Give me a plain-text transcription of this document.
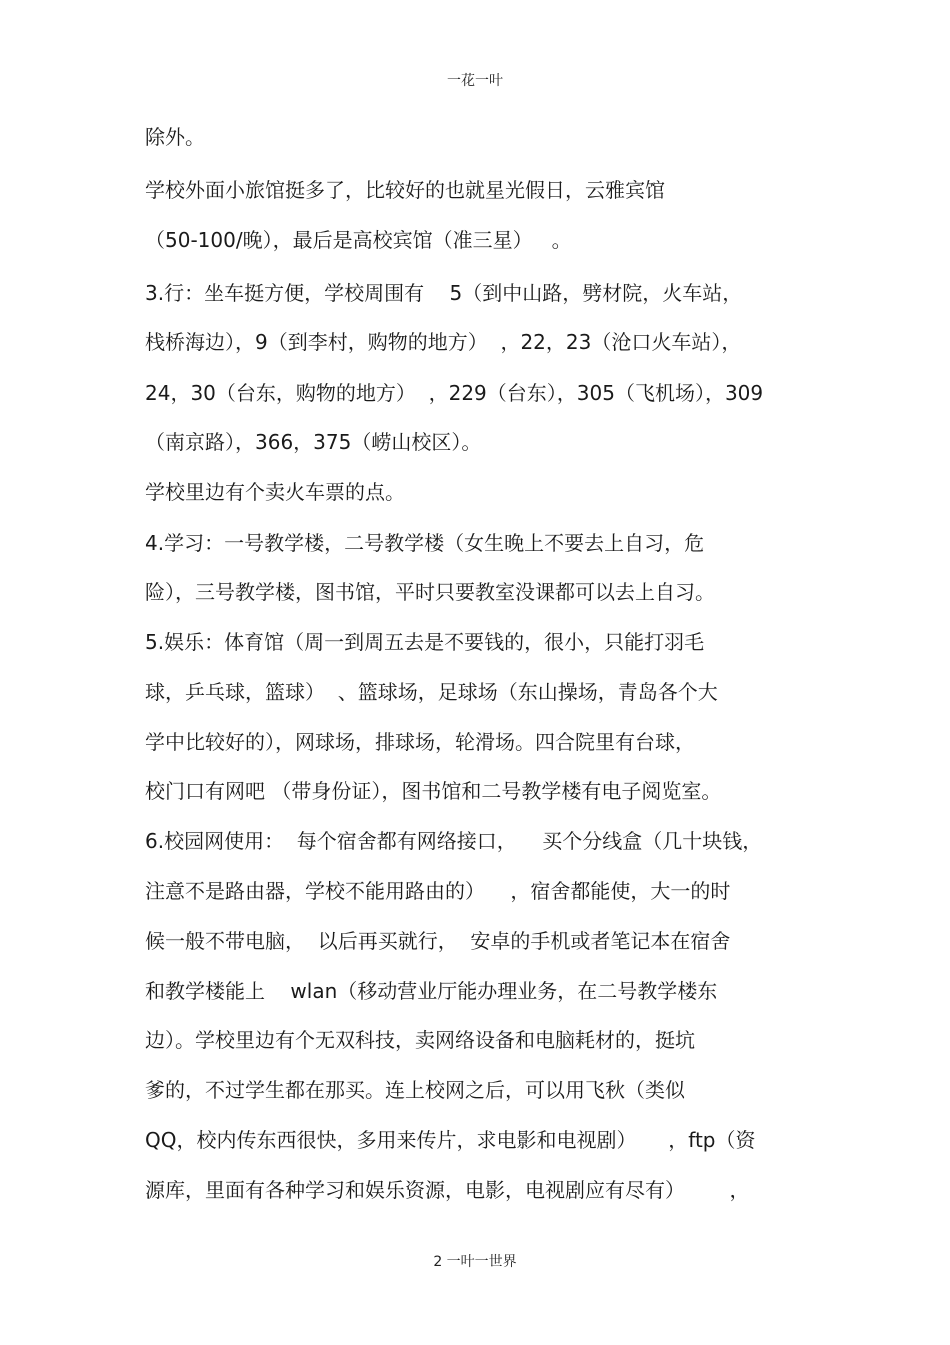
一花一叶
除外。
学校外面小旅馆挺多了，比较好的也就星光假日，云雅宾馆
（50-100/晚），最后是高校宾馆（准三星）   。
3.行：坐车挺方便，学校周围有    5（到中山路，劈材院，火车站，
栈桥海边），9（到李村，购物的地方）  ，22，23（沧口火车站），
24，30（台东，购物的地方）  ，229（台东），305（飞机场），309
（南京路），366，375（崂山校区）。
学校里边有个卖火车票的点。
4.学习：一号教学楼，二号教学楼（女生晚上不要去上自习，危
险），三号教学楼，图书馆，平时只要教室没课都可以去上自习。
5.娱乐：体育馆（周一到周五去是不要钱的，很小，只能打羽毛
球，乒乓球，篮球）  、篮球场，足球场（东山操场，青岛各个大
学中比较好的），网球场，排球场，轮滑场。四合院里有台球，
校门口有网吧 （带身份证），图书馆和二号教学楼有电子阅览室。
6.校园网使用：  每个宿舍都有网络接口，    买个分线盒（几十块钱，
注意不是路由器，学校不能用路由的）    ，宿舍都能使，大一的时
候一般不带电脑，  以后再买就行，  安卓的手机或者笔记本在宿舍
和教学楼能上    wlan（移动营业厅能办理业务，在二号教学楼东
边）。学校里边有个无双科技，卖网络设备和电脑耗材的，挺坑
爹的，不过学生都在那买。连上校网之后，可以用飞秋（类似
QQ，校内传东西很快，多用来传片，求电影和电视剧）     ，ftp（资
源库，里面有各种学习和娱乐资源，电影，电视剧应有尽有）       ，
2 一叶一世界
